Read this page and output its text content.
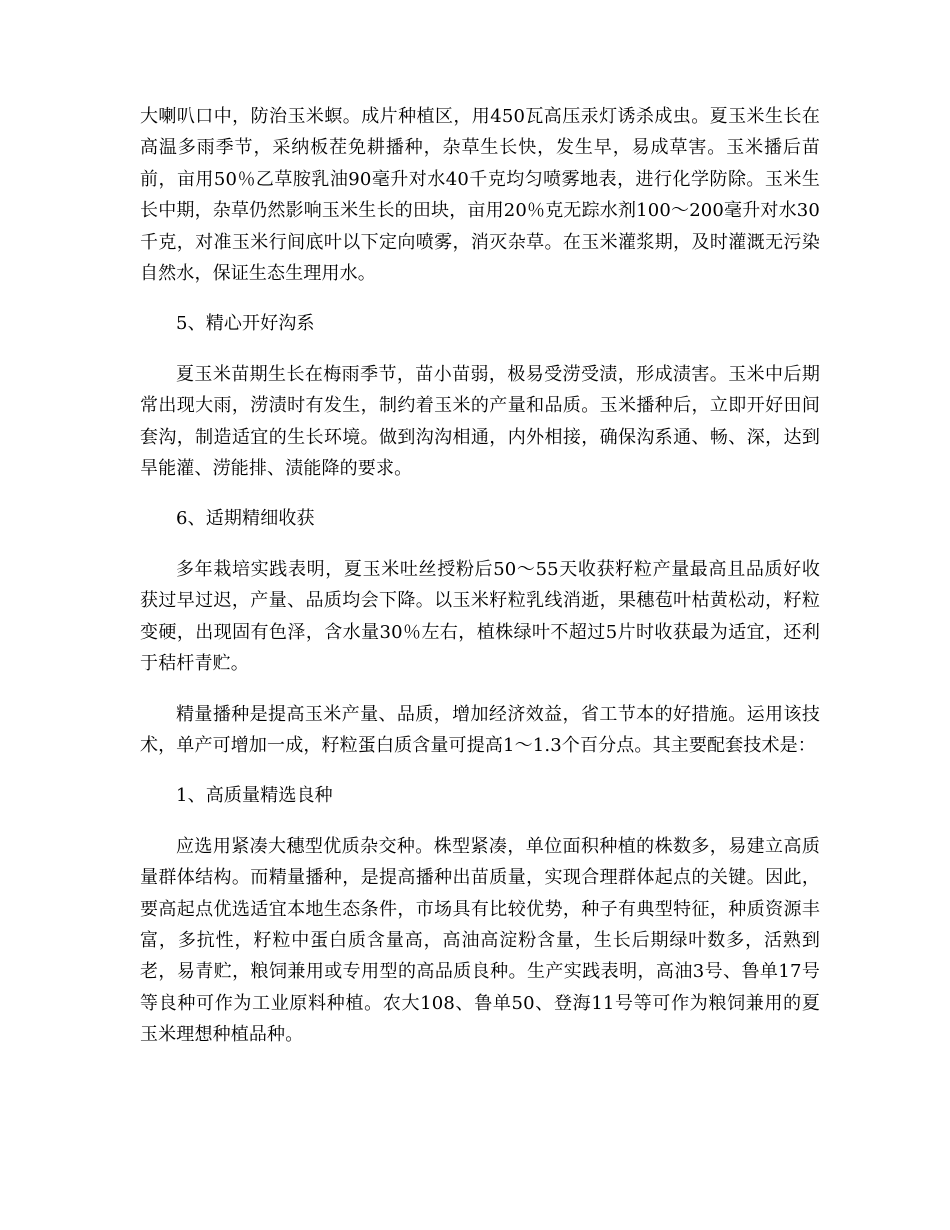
大喇叭口中，防治玉米螟。成片种植区，用450瓦高压汞灯诱杀成虫。夏玉米生长在高温多雨季节，采纳板茬免耕播种，杂草生长快，发生早，易成草害。玉米播后苗前，亩用50％乙草胺乳油90毫升对水40千克均匀喷雾地表，进行化学防除。玉米生长中期，杂草仍然影响玉米生长的田块，亩用20％克无踪水剂100～200毫升对水30千克，对准玉米行间底叶以下定向喷雾，消灭杂草。在玉米灌浆期，及时灌溉无污染自然水，保证生态生理用水。

5、精心开好沟系

夏玉米苗期生长在梅雨季节，苗小苗弱，极易受涝受渍，形成渍害。玉米中后期常出现大雨，涝渍时有发生，制约着玉米的产量和品质。玉米播种后，立即开好田间套沟，制造适宜的生长环境。做到沟沟相通，内外相接，确保沟系通、畅、深，达到旱能灌、涝能排、渍能降的要求。

6、适期精细收获

多年栽培实践表明，夏玉米吐丝授粉后50～55天收获籽粒产量最高且品质好收获过早过迟，产量、品质均会下降。以玉米籽粒乳线消逝，果穗苞叶枯黄松动，籽粒变硬，出现固有色泽，含水量30％左右，植株绿叶不超过5片时收获最为适宜，还利于秸杆青贮。

精量播种是提高玉米产量、品质，增加经济效益，省工节本的好措施。运用该技术，单产可增加一成，籽粒蛋白质含量可提高1～1.3个百分点。其主要配套技术是：

1、高质量精选良种

应选用紧凑大穗型优质杂交种。株型紧凑，单位面积种植的株数多，易建立高质量群体结构。而精量播种，是提高播种出苗质量，实现合理群体起点的关键。因此，要高起点优选适宜本地生态条件，市场具有比较优势，种子有典型特征，种质资源丰富，多抗性，籽粒中蛋白质含量高，高油高淀粉含量，生长后期绿叶数多，活熟到老，易青贮，粮饲兼用或专用型的高品质良种。生产实践表明，高油3号、鲁单17号等良种可作为工业原料种植。农大108、鲁单50、登海11号等可作为粮饲兼用的夏玉米理想种植品种。
